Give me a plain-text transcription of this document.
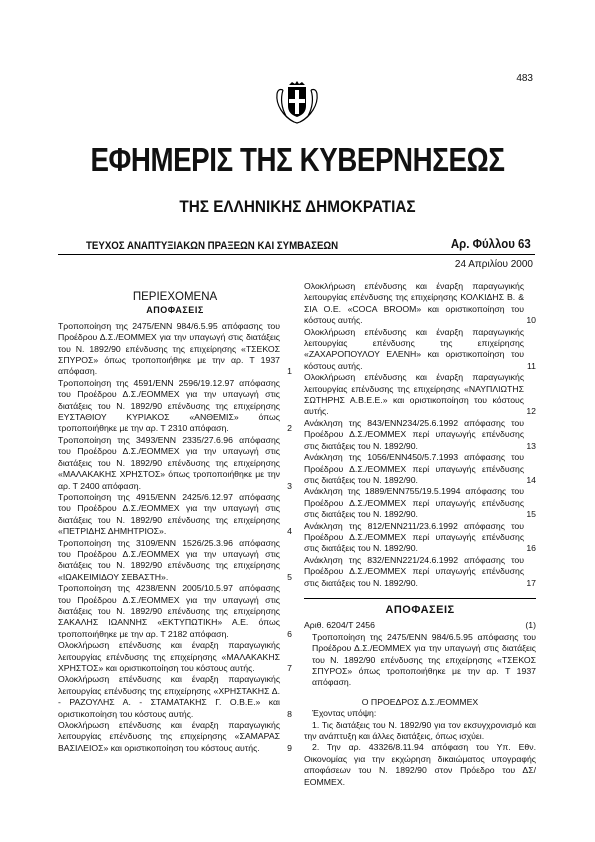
483
ΕΦΗΜΕΡΙΣ ΤΗΣ ΚΥΒΕΡΝΗΣΕΩΣ
ΤΗΣ ΕΛΛΗΝΙΚΗΣ ΔΗΜΟΚΡΑΤΙΑΣ
ΤΕΥΧΟΣ ΑΝΑΠΤΥΞΙΑΚΩΝ ΠΡΑΞΕΩΝ ΚΑΙ ΣΥΜΒΑΣΕΩΝ	Αρ. Φύλλου 63
24 Απριλίου 2000
ΠΕΡΙΕΧΟΜΕΝΑ
ΑΠΟΦΑΣΕΙΣ
Τροποποίηση της 2475/ΕΝΝ 984/6.5.95 απόφασης του Προέδρου Δ.Σ./ΕΟΜΜΕΧ για την υπαγωγή στις διατάξεις του Ν. 1892/90 επένδυσης της επιχείρησης «ΤΣΕΚΟΣ ΣΠΥΡΟΣ» όπως τροποποιήθηκε με την αρ. Τ 1937 απόφαση.	1
Τροποποίηση της 4591/ΕΝΝ 2596/19.12.97 απόφασης του Προέδρου Δ.Σ./ΕΟΜΜΕΧ για την υπαγωγή στις διατάξεις του Ν. 1892/90 επένδυσης της επιχείρησης ΕΥΣΤΑΘΙΟΥ ΚΥΡΙΑΚΟΣ «ΑΝΘΕΜΙΣ» όπως τροποποιήθηκε με την αρ. Τ 2310 απόφαση.	2
Τροποποίηση της 3493/ΕΝΝ 2335/27.6.96 απόφασης του Προέδρου Δ.Σ./ΕΟΜΜΕΧ για την υπαγωγή στις διατάξεις του Ν. 1892/90 επένδυσης της επιχείρησης «ΜΑΛΑΚΑΚΗΣ ΧΡΗΣΤΟΣ» όπως τροποποιήθηκε με την αρ. Τ 2400 απόφαση.	3
Τροποποίηση της 4915/ΕΝΝ 2425/6.12.97 απόφασης του Προέδρου Δ.Σ./ΕΟΜΜΕΧ για την υπαγωγή στις διατάξεις του Ν. 1892/90 επένδυσης της επιχείρησης «ΠΕΤΡΙΔΗΣ ΔΗΜΗΤΡΙΟΣ».	4
Τροποποίηση της 3109/ΕΝΝ 1526/25.3.96 απόφασης του Προέδρου Δ.Σ./ΕΟΜΜΕΧ για την υπαγωγή στις διατάξεις του Ν. 1892/90 επένδυσης της επιχείρησης «ΙΩΑΚΕΙΜΙΔΟΥ ΣΕΒΑΣΤΗ».	5
Τροποποίηση της 4238/ΕΝΝ 2005/10.5.97 απόφασης του Προέδρου Δ.Σ./ΕΟΜΜΕΧ για την υπαγωγή στις διατάξεις του Ν. 1892/90 επένδυσης της επιχείρησης ΣΑΚΑΛΗΣ ΙΩΑΝΝΗΣ «ΕΚΤΥΠΩΤΙΚΗ» Α.Ε. όπως τροποποιήθηκε με την αρ. Τ 2182 απόφαση.	6
Ολοκλήρωση επένδυσης και έναρξη παραγωγικής λειτουργίας επένδυσης της επιχείρησης «ΜΑΛΑΚΑΚΗΣ ΧΡΗΣΤΟΣ» και οριστικοποίηση του κόστους αυτής.	7
Ολοκλήρωση επένδυσης και έναρξη παραγωγικής λειτουργίας επένδυσης της επιχείρησης «ΧΡΗΣΤΑΚΗΣ Δ. - ΡΑΖΟΥΛΗΣ Α. - ΣΤΑΜΑΤΑΚΗΣ Γ. Ο.Β.Ε.» και οριστικοποίηση του κόστους αυτής.	8
Ολοκλήρωση επένδυσης και έναρξη παραγωγικής λειτουργίας επένδυσης της επιχείρησης «ΣΑΜΑΡΑΣ ΒΑΣΙΛΕΙΟΣ» και οριστικοποίηση του κόστους αυτής.	9
Ολοκλήρωση επένδυσης και έναρξη παραγωγικής λειτουργίας επένδυσης της επιχείρησης ΚΟΛΚΙΔΗΣ Β. & ΣΙΑ Ο.Ε. «COCA BROOM» και οριστικοποίηση του κόστους αυτής.	10
Ολοκλήρωση επένδυσης και έναρξη παραγωγικής λειτουργίας επένδυσης της επιχείρησης «ΖΑΧΑΡΟΠΟΥΛΟΥ ΕΛΕΝΗ» και οριστικοποίηση του κόστους αυτής.	11
Ολοκλήρωση επένδυσης και έναρξη παραγωγικής λειτουργίας επένδυσης της επιχείρησης «ΝΑΥΠΛΙΩΤΗΣ ΣΩΤΗΡΗΣ Α.Β.Ε.Ε.» και οριστικοποίηση του κόστους αυτής.	12
Ανάκληση της 843/ΕΝΝ234/25.6.1992 απόφασης του Προέδρου Δ.Σ./ΕΟΜΜΕΧ περί υπαγωγής επένδυσης στις διατάξεις του Ν. 1892/90.	13
Ανάκληση της 1056/ΕΝΝ450/5.7.1993 απόφασης του Προέδρου Δ.Σ./ΕΟΜΜΕΧ περί υπαγωγής επένδυσης στις διατάξεις του Ν. 1892/90.	14
Ανάκληση της 1889/ΕΝΝ755/19.5.1994 απόφασης του Προέδρου Δ.Σ./ΕΟΜΜΕΧ περί υπαγωγής επένδυσης στις διατάξεις του Ν. 1892/90.	15
Ανάκληση της 812/ΕΝΝ211/23.6.1992 απόφασης του Προέδρου Δ.Σ./ΕΟΜΜΕΧ περί υπαγωγής επένδυσης στις διατάξεις του Ν. 1892/90.	16
Ανάκληση της 832/ΕΝΝ221/24.6.1992 απόφασης του Προέδρου Δ.Σ./ΕΟΜΜΕΧ περί υπαγωγής επένδυσης στις διατάξεις του Ν. 1892/90.	17
ΑΠΟΦΑΣΕΙΣ
Αριθ. 6204/Τ 2456	(1)
Τροποποίηση της 2475/ΕΝΝ 984/6.5.95 απόφασης του Προέδρου Δ.Σ./ΕΟΜΜΕΧ για την υπαγωγή στις διατάξεις του Ν. 1892/90 επένδυσης της επιχείρησης «ΤΣΕΚΟΣ ΣΠΥΡΟΣ» όπως τροποποιήθηκε με την αρ. Τ 1937 απόφαση.
Ο ΠΡΟΕΔΡΟΣ Δ.Σ./ΕΟΜΜΕΧ
Έχοντας υπόψη:
1. Τις διατάξεις του Ν. 1892/90 για τον εκσυγχρονισμό και την ανάπτυξη και άλλες διατάξεις, όπως ισχύει.
2. Την αρ. 43326/8.11.94 απόφαση του Υπ. Εθν. Οικονομίας για την εκχώρηση δικαιώματος υπογραφής αποφάσεων του Ν. 1892/90 στον Πρόεδρο του ΔΣ/ΕΟΜΜΕΧ.
